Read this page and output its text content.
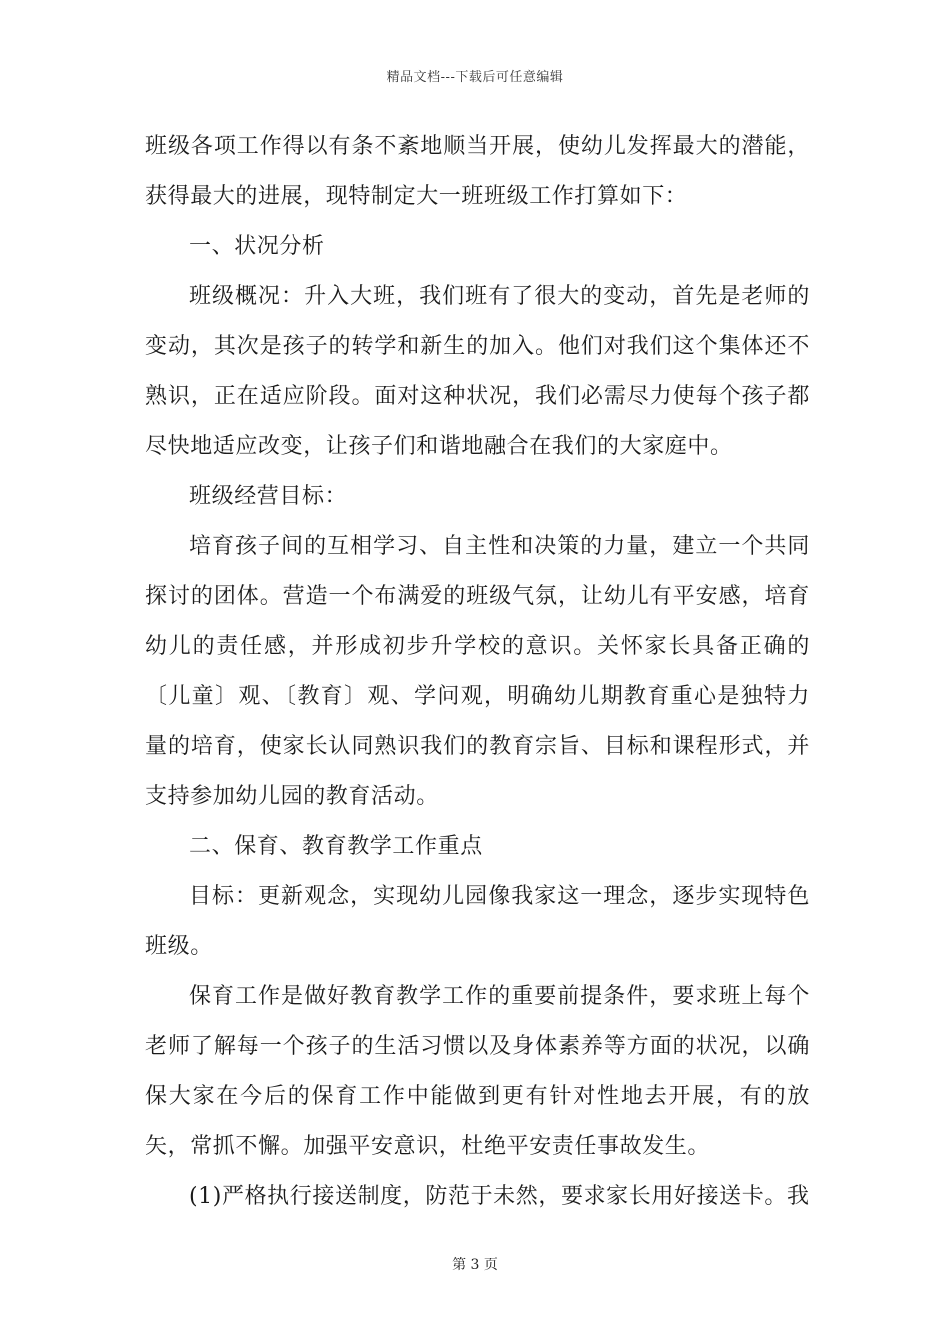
精品文档---下载后可任意编辑

班级各项工作得以有条不紊地顺当开展，使幼儿发挥最大的潜能，获得最大的进展，现特制定大一班班级工作打算如下：

一、状况分析

班级概况：升入大班，我们班有了很大的变动，首先是老师的变动，其次是孩子的转学和新生的加入。他们对我们这个集体还不熟识，正在适应阶段。面对这种状况，我们必需尽力使每个孩子都尽快地适应改变，让孩子们和谐地融合在我们的大家庭中。

班级经营目标：

培育孩子间的互相学习、自主性和决策的力量，建立一个共同探讨的团体。营造一个布满爱的班级气氛，让幼儿有平安感，培育幼儿的责任感，并形成初步升学校的意识。关怀家长具备正确的〔儿童〕观、〔教育〕观、学问观，明确幼儿期教育重心是独特力量的培育，使家长认同熟识我们的教育宗旨、目标和课程形式，并支持参加幼儿园的教育活动。

二、保育、教育教学工作重点

目标：更新观念，实现幼儿园像我家这一理念，逐步实现特色班级。

保育工作是做好教育教学工作的重要前提条件，要求班上每个老师了解每一个孩子的生活习惯以及身体素养等方面的状况，以确保大家在今后的保育工作中能做到更有针对性地去开展，有的放矢，常抓不懈。加强平安意识，杜绝平安责任事故发生。

(1)严格执行接送制度，防范于未然，要求家长用好接送卡。我

第 3 页
